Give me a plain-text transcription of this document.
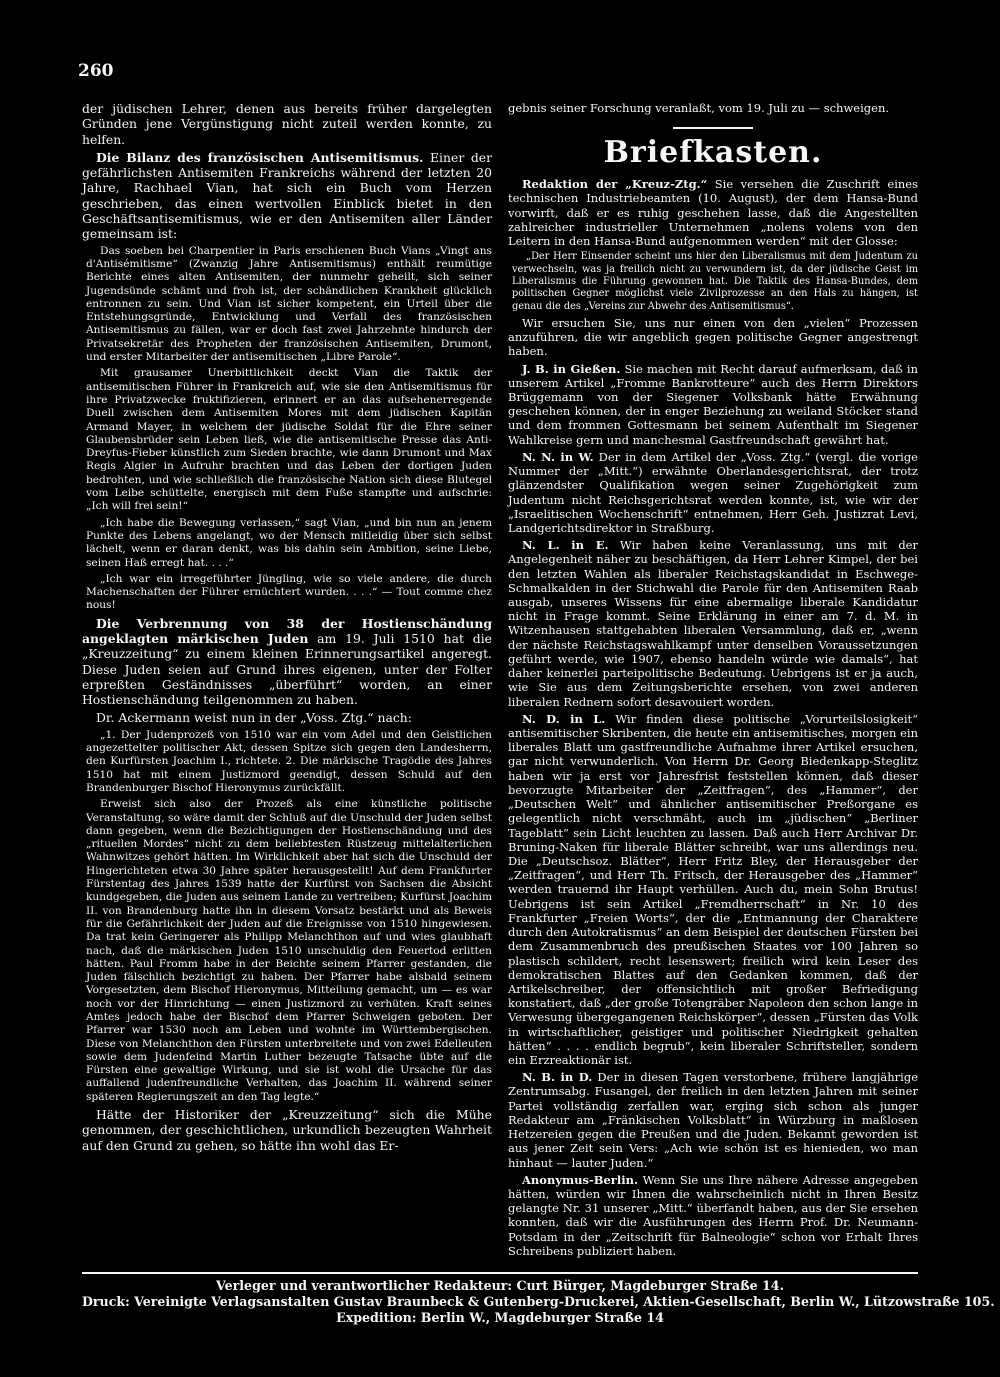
260

der jüdischen Lehrer, denen aus bereits früher dargelegten Gründen jene Vergünstigung nicht zuteil werden konnte, zu helfen.

Die Bilanz des französischen Antisemitismus. Einer der gefährlichsten Antisemiten Frankreichs während der letzten 20 Jahre, Rachhael Vian, hat sich ein Buch vom Herzen geschrieben, das einen wertvollen Einblick bietet in den Geschäftsantisemitismus, wie er den Antisemiten aller Länder gemeinsam ist:

Das soeben bei Charpentier in Paris erschienen Buch Vians „Vingt ans d'Antisémitisme“ (Zwanzig Jahre Antisemitismus) enthält reumütige Berichte eines alten Antisemiten, der nunmehr geheilt, sich seiner Jugendsünde schämt und froh ist, der schändlichen Krankheit glücklich entronnen zu sein. Und Vian ist sicher kompetent, ein Urteil über die Entstehungsgründe, Entwicklung und Verfall des französischen Antisemitismus zu fällen, war er doch fast zwei Jahrzehnte hindurch der Privatsekretär des Propheten der französischen Antisemiten, Drumont, und erster Mitarbeiter der antisemitischen „Libre Parole“.

Mit grausamer Unerbittlichkeit deckt Vian die Taktik der antisemitischen Führer in Frankreich auf, wie sie den Antisemitismus für ihre Privatzwecke fruktifizieren, erinnert er an das aufsehenerregende Duell zwischen dem Antisemiten Mores mit dem jüdischen Kapitän Armand Mayer, in welchem der jüdische Soldat für die Ehre seiner Glaubensbrüder sein Leben ließ, wie die antisemitische Presse das Anti-Dreyfus-Fieber künstlich zum Sieden brachte, wie dann Drumont und Max Regis Algier in Aufruhr brachten und das Leben der dortigen Juden bedrohten, und wie schließlich die französische Nation sich diese Blutegel vom Leibe schüttelte, energisch mit dem Fuße stampfte und aufschrie: „Ich will frei sein!“

„Ich habe die Bewegung verlassen,“ sagt Vian, „und bin nun an jenem Punkte des Lebens angelangt, wo der Mensch mitleidig über sich selbst lächelt, wenn er daran denkt, was bis dahin sein Ambition, seine Liebe, seinen Haß erregt hat. . . .“

„Ich war ein irregeführter Jüngling, wie so viele andere, die durch Machenschaften der Führer ernüchtert wurden. . . .“ — Tout comme chez nous!

Die Verbrennung von 38 der Hostienschändung angeklagten märkischen Juden am 19. Juli 1510 hat die „Kreuzzeitung“ zu einem kleinen Erinnerungsartikel angeregt. Diese Juden seien auf Grund ihres eigenen, unter der Folter erpreßten Geständnisses „überführt“ worden, an einer Hostienschändung teilgenommen zu haben.

Dr. Ackermann weist nun in der „Voss. Ztg.“ nach:

„1. Der Judenprozeß von 1510 war ein vom Adel und den Geistlichen angezettelter politischer Akt, dessen Spitze sich gegen den Landesherrn, den Kurfürsten Joachim I., richtete. 2. Die märkische Tragödie des Jahres 1510 hat mit einem Justizmord geendigt, dessen Schuld auf den Brandenburger Bischof Hieronymus zurückfällt.

Erweist sich also der Prozeß als eine künstliche politische Veranstaltung, so wäre damit der Schluß auf die Unschuld der Juden selbst dann gegeben, wenn die Bezichtigungen der Hostienschändung und des „rituellen Mordes“ nicht zu dem beliebtesten Rüstzeug mittelalterlichen Wahnwitzes gehört hätten. Im Wirklichkeit aber hat sich die Unschuld der Hingerichteten etwa 30 Jahre später herausgestellt! Auf dem Frankfurter Fürstentag des Jahres 1539 hatte der Kurfürst von Sachsen die Absicht kundgegeben, die Juden aus seinem Lande zu vertreiben; Kurfürst Joachim II. von Brandenburg hatte ihn in diesem Vorsatz bestärkt und als Beweis für die Gefährlichkeit der Juden auf die Ereignisse von 1510 hingewiesen. Da trat kein Geringerer als Philipp Melanchthon auf und wies glaubhaft nach, daß die märkischen Juden 1510 unschuldig den Feuertod erlitten hätten. Paul Fromm habe in der Beichte seinem Pfarrer gestanden, die Juden fälschlich bezichtigt zu haben. Der Pfarrer habe alsbald seinem Vorgesetzten, dem Bischof Hieronymus, Mitteilung gemacht, um — es war noch vor der Hinrichtung — einen Justizmord zu verhüten. Kraft seines Amtes jedoch habe der Bischof dem Pfarrer Schweigen geboten. Der Pfarrer war 1530 noch am Leben und wohnte im Württembergischen. Diese von Melanchthon den Fürsten unterbreitete und von zwei Edelleuten sowie dem Judenfeind Martin Luther bezeugte Tatsache übte auf die Fürsten eine gewaltige Wirkung, und sie ist wohl die Ursache für das auffallend judenfreundliche Verhalten, das Joachim II. während seiner späteren Regierungszeit an den Tag legte.“

Hätte der Historiker der „Kreuzzeitung“ sich die Mühe genommen, der geschichtlichen, urkundlich bezeugten Wahrheit auf den Grund zu gehen, so hätte ihn wohl das Er-

gebnis seiner Forschung veranlaßt, vom 19. Juli zu — schweigen.

Briefkasten.

Redaktion der „Kreuz-Ztg.“ Sie versehen die Zuschrift eines technischen Industriebeamten (10. August), der dem Hansa-Bund vorwirft, daß er es ruhig geschehen lasse, daß die Angestellten zahlreicher industrieller Unternehmen „nolens volens von den Leitern in den Hansa-Bund aufgenommen werden“ mit der Glosse:

„Der Herr Einsender scheint uns hier den Liberalismus mit dem Judentum zu verwechseln, was ja freilich nicht zu verwundern ist, da der jüdische Geist im Liberalismus die Führung gewonnen hat. Die Taktik des Hansa-Bundes, dem politischen Gegner möglichst viele Zivilprozesse an den Hals zu hängen, ist genau die des „Vereins zur Abwehr des Antisemitismus“.

Wir ersuchen Sie, uns nur einen von den „vielen“ Prozessen anzuführen, die wir angeblich gegen politische Gegner angestrengt haben.

J. B. in Gießen. Sie machen mit Recht darauf aufmerksam, daß in unserem Artikel „Fromme Bankrotteure“ auch des Herrn Direktors Brüggemann von der Siegener Volksbank hätte Erwähnung geschehen können, der in enger Beziehung zu weiland Stöcker stand und dem frommen Gottesmann bei seinem Aufenthalt im Siegener Wahlkreise gern und manchesmal Gastfreundschaft gewährt hat.

N. N. in W. Der in dem Artikel der „Voss. Ztg.“ (vergl. die vorige Nummer der „Mitt.“) erwähnte Oberlandesgerichtsrat, der trotz glänzendster Qualifikation wegen seiner Zugehörigkeit zum Judentum nicht Reichsgerichtsrat werden konnte, ist, wie wir der „Israelitischen Wochenschrift“ entnehmen, Herr Geh. Justizrat Levi, Landgerichtsdirektor in Straßburg.

N. L. in E. Wir haben keine Veranlassung, uns mit der Angelegenheit näher zu beschäftigen, da Herr Lehrer Kimpel, der bei den letzten Wahlen als liberaler Reichstagskandidat in Eschwege-Schmalkalden in der Stichwahl die Parole für den Antisemiten Raab ausgab, unseres Wissens für eine abermalige liberale Kandidatur nicht in Frage kommt. Seine Erklärung in einer am 7. d. M. in Witzenhausen stattgehabten liberalen Versammlung, daß er, „wenn der nächste Reichstagswahlkampf unter denselben Voraussetzungen geführt werde, wie 1907, ebenso handeln würde wie damals“, hat daher keinerlei parteipolitische Bedeutung. Uebrigens ist er ja auch, wie Sie aus dem Zeitungsberichte ersehen, von zwei anderen liberalen Rednern sofort desavouiert worden.

N. D. in L. Wir finden diese politische „Vorurteilslosigkeit“ antisemitischer Skribenten, die heute ein antisemitisches, morgen ein liberales Blatt um gastfreundliche Aufnahme ihrer Artikel ersuchen, gar nicht verwunderlich. Von Herrn Dr. Georg Biedenkapp-Steglitz haben wir ja erst vor Jahresfrist feststellen können, daß dieser bevorzugte Mitarbeiter der „Zeitfragen“, des „Hammer“, der „Deutschen Welt“ und ähnlicher antisemitischer Preßorgane es gelegentlich nicht verschmäht, auch im „jüdischen“ „Berliner Tageblatt“ sein Licht leuchten zu lassen. Daß auch Herr Archivar Dr. Bruning-Naken für liberale Blätter schreibt, war uns allerdings neu. Die „Deutschsoz. Blätter“, Herr Fritz Bley, der Herausgeber der „Zeitfragen“, und Herr Th. Fritsch, der Herausgeber des „Hammer“ werden trauernd ihr Haupt verhüllen. Auch du, mein Sohn Brutus! Uebrigens ist sein Artikel „Fremdherrschaft“ in Nr. 10 des Frankfurter „Freien Worts“, der die „Entmannung der Charaktere durch den Autokratismus“ an dem Beispiel der deutschen Fürsten bei dem Zusammenbruch des preußischen Staates vor 100 Jahren so plastisch schildert, recht lesenswert; freilich wird kein Leser des demokratischen Blattes auf den Gedanken kommen, daß der Artikelschreiber, der offensichtlich mit großer Befriedigung konstatiert, daß „der große Totengräber Napoleon den schon lange in Verwesung übergegangenen Reichskörper“, dessen „Fürsten das Volk in wirtschaftlicher, geistiger und politischer Niedrigkeit gehalten hätten“ . . . . endlich begrub“, kein liberaler Schriftsteller, sondern ein Erzreaktionär ist.

N. B. in D. Der in diesen Tagen verstorbene, frühere langjährige Zentrumsabg. Fusangel, der freilich in den letzten Jahren mit seiner Partei vollständig zerfallen war, erging sich schon als junger Redakteur am „Fränkischen Volksblatt“ in Würzburg in maßlosen Hetzereien gegen die Preußen und die Juden. Bekannt geworden ist aus jener Zeit sein Vers: „Ach wie schön ist es hienieden, wo man hinhaut — lauter Juden.“

Anonymus-Berlin. Wenn Sie uns Ihre nähere Adresse angegeben hätten, würden wir Ihnen die wahrscheinlich nicht in Ihren Besitz gelangte Nr. 31 unserer „Mitt.“ überfandt haben, aus der Sie ersehen konnten, daß wir die Ausführungen des Herrn Prof. Dr. Neumann-Potsdam in der „Zeitschrift für Balneologie“ schon vor Erhalt Ihres Schreibens publiziert haben.

Verleger und verantwortlicher Redakteur: Curt Bürger, Magdeburger Straße 14.
Druck: Vereinigte Verlagsanstalten Gustav Braunbeck & Gutenberg-Druckerei, Aktien-Gesellschaft, Berlin W., Lützowstraße 105.
Expedition: Berlin W., Magdeburger Straße 14
